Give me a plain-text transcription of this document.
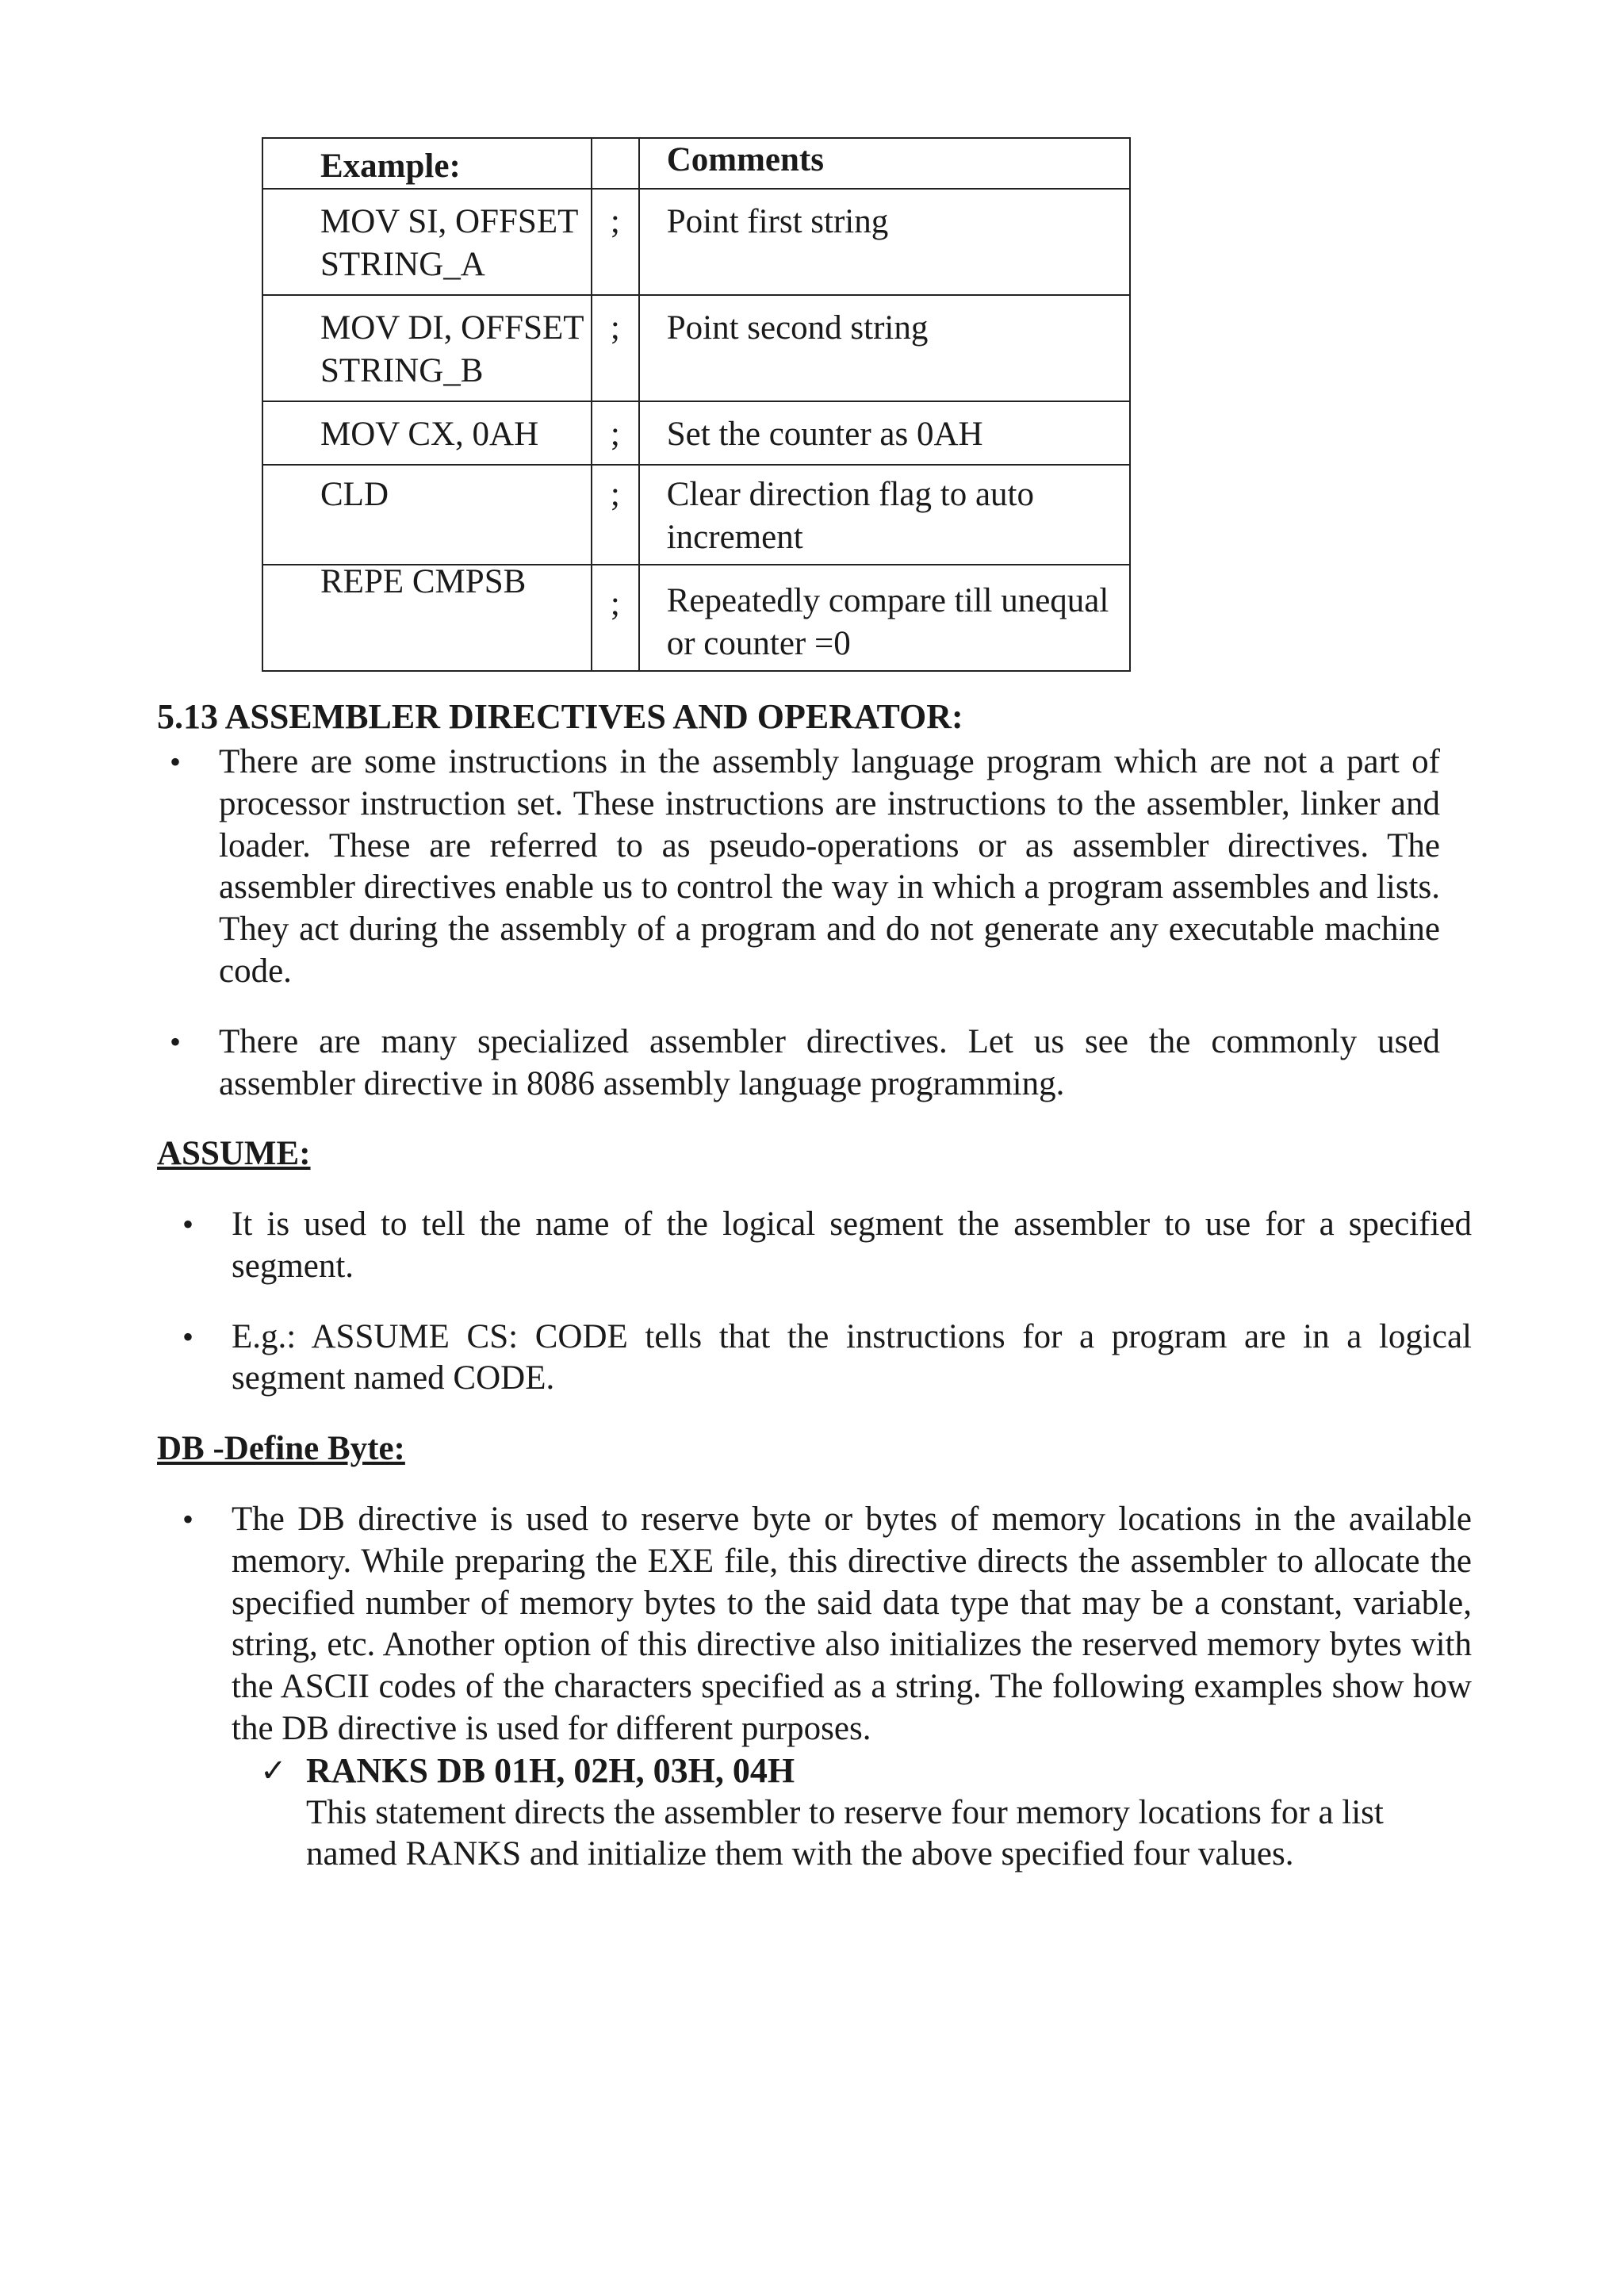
Example:		Comments

MOV SI, OFFSET STRING_A	;	Point first string

MOV DI, OFFSET STRING_B	;	Point second string

MOV CX, 0AH	;	Set the counter as 0AH

CLD	;	Clear direction flag to auto increment

REPE CMPSB	;	Repeatedly compare till unequal or counter =0
5.13 ASSEMBLER DIRECTIVES AND OPERATOR:
• There are some instructions in the assembly language program which are not a part of processor instruction set. These instructions are instructions to the assembler, linker and loader. These are referred to as pseudo-operations or as assembler directives. The assembler directives enable us to control the way in which a program assembles and lists. They act during the assembly of a program and do not generate any executable machine code.
• There are many specialized assembler directives. Let us see the commonly used assembler directive in 8086 assembly language programming.
ASSUME:
• It is used to tell the name of the logical segment the assembler to use for a specified segment.
• E.g.: ASSUME CS: CODE tells that the instructions for a program are in a logical segment named CODE.
DB -Define Byte:
• The DB directive is used to reserve byte or bytes of memory locations in the available memory. While preparing the EXE file, this directive directs the assembler to allocate the specified number of memory bytes to the said data type that may be a constant, variable, string, etc. Another option of this directive also initializes the reserved memory bytes with the ASCII codes of the characters specified as a string. The following examples show how the DB directive is used for different purposes.
✓ RANKS DB 01H, 02H, 03H, 04H
This statement directs the assembler to reserve four memory locations for a list named RANKS and initialize them with the above specified four values.
